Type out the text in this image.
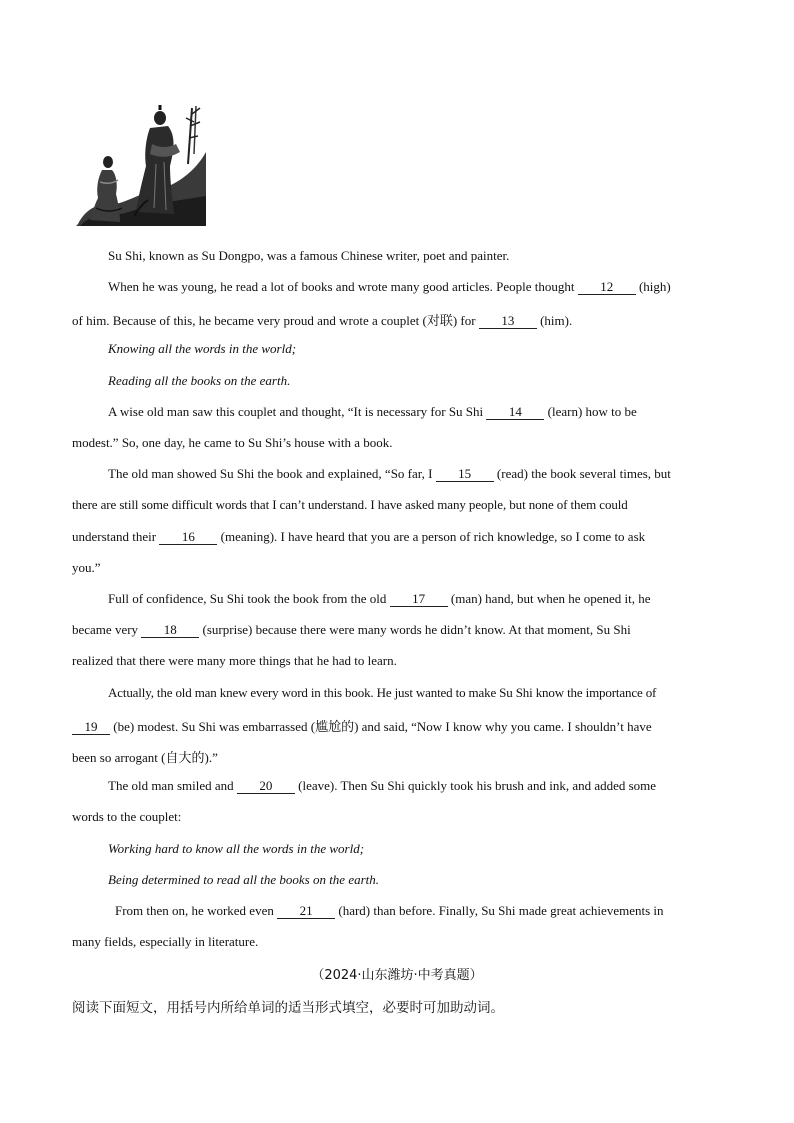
Su Shi, known as Su Dongpo, was a famous Chinese writer, poet and painter.
When he was young, he read a lot of books and wrote many good articles. People thought 12 (high)
of him. Because of this, he became very proud and wrote a couplet (对联) for 13 (him).
Knowing all the words in the world;
Reading all the books on the earth.
A wise old man saw this couplet and thought, “It is necessary for Su Shi 14 (learn) how to be
modest.” So, one day, he came to Su Shi’s house with a book.
The old man showed Su Shi the book and explained, “So far, I 15 (read) the book several times, but
there are still some difficult words that I can’t understand. I have asked many people, but none of them could
understand their 16 (meaning). I have heard that you are a person of rich knowledge, so I come to ask
you.”
Full of confidence, Su Shi took the book from the old 17 (man) hand, but when he opened it, he
became very 18 (surprise) because there were many words he didn’t know. At that moment, Su Shi
realized that there were many more things that he had to learn.
Actually, the old man knew every word in this book. He just wanted to make Su Shi know the importance of
19 (be) modest. Su Shi was embarrassed (尴尬的) and said, “Now I know why you came. I shouldn’t have
been so arrogant (自大的).”
The old man smiled and 20 (leave). Then Su Shi quickly took his brush and ink, and added some
words to the couplet:
Working hard to know all the words in the world;
Being determined to read all the books on the earth.
From then on, he worked even 21 (hard) than before. Finally, Su Shi made great achievements in
many fields, especially in literature.
（2024·山东潍坊·中考真题）
阅读下面短文，用括号内所给单词的适当形式填空，必要时可加助动词。
